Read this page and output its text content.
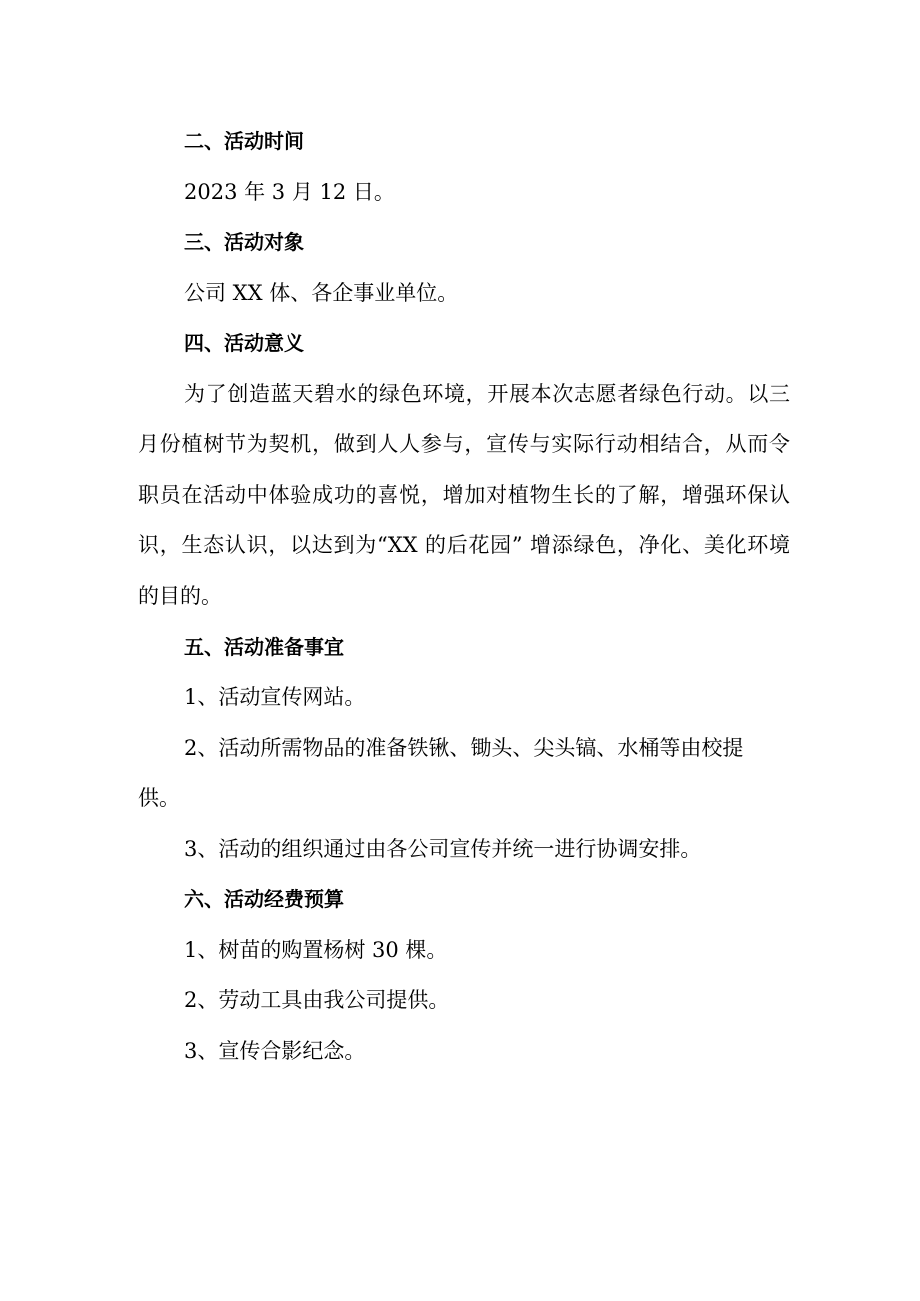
二、活动时间

2023 年 3 月 12 日。

三、活动对象

公司 XX 体、各企事业单位。

四、活动意义

为了创造蓝天碧水的绿色环境，开展本次志愿者绿色行动。以三

月份植树节为契机，做到人人参与，宣传与实际行动相结合，从而令

职员在活动中体验成功的喜悦，增加对植物生长的了解，增强环保认

识，生态认识，以达到为“XX 的后花园” 增添绿色，净化、美化环境

的目的。

五、活动准备事宜

1、活动宣传网站。

2、活动所需物品的准备铁锹、锄头、尖头镐、水桶等由校提

供。

3、活动的组织通过由各公司宣传并统一进行协调安排。

六、活动经费预算

1、树苗的购置杨树 30 棵。

2、劳动工具由我公司提供。

3、宣传合影纪念。
